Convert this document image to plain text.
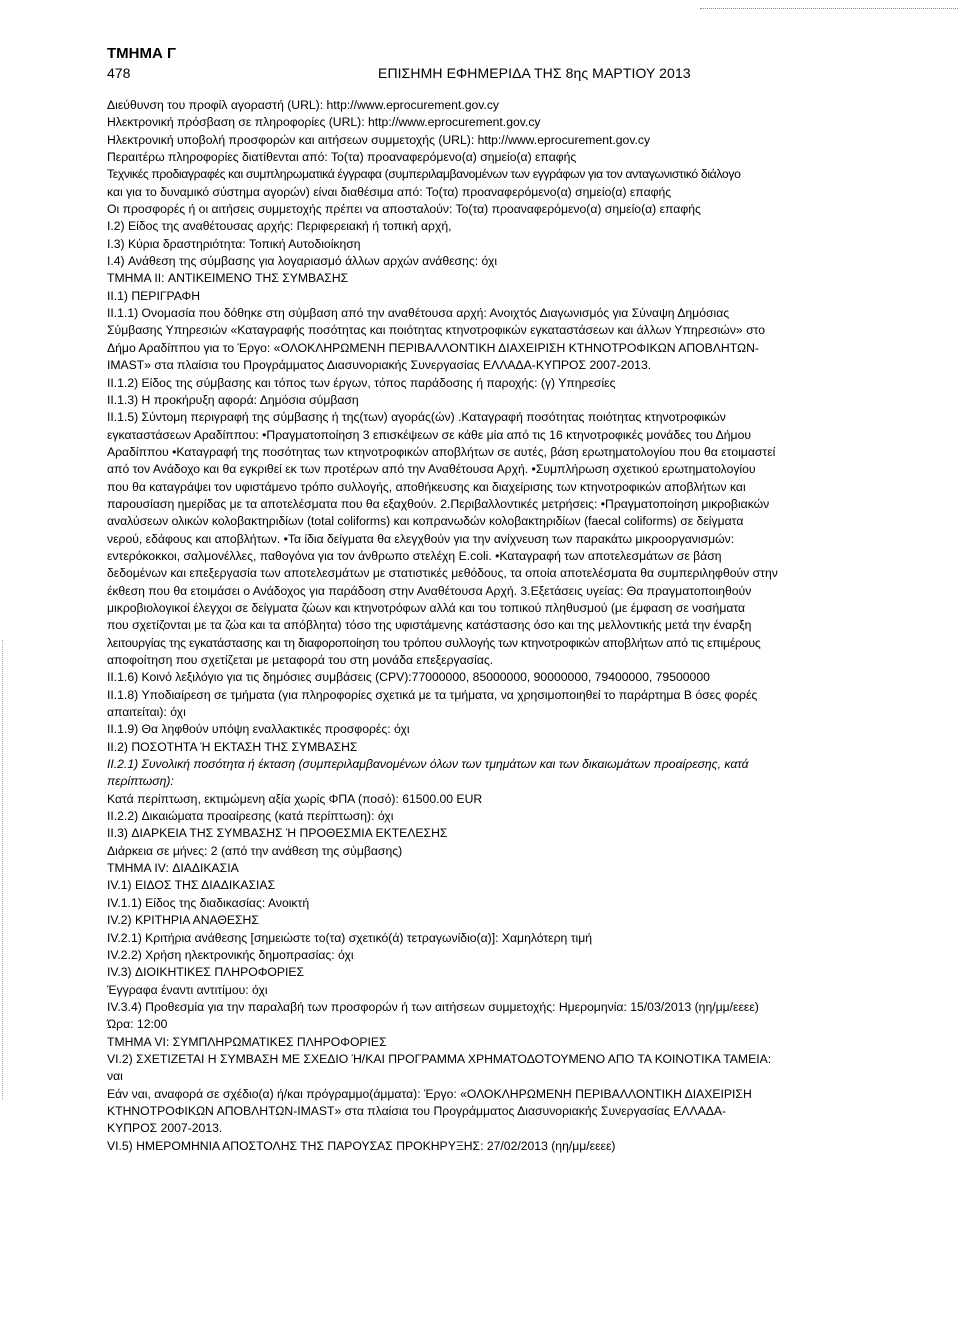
ΤΜΗΜΑ Γ
478	ΕΠΙΣΗΜΗ ΕΦΗΜΕΡΙΔΑ ΤΗΣ 8ης ΜΑΡΤΙΟΥ 2013

Διεύθυνση του προφίλ αγοραστή (URL): http://www.eprocurement.gov.cy

Ηλεκτρονική πρόσβαση σε πληροφορίες (URL): http://www.eprocurement.gov.cy

Ηλεκτρονική υποβολή προσφορών και αιτήσεων συμμετοχής (URL): http://www.eprocurement.gov.cy

Περαιτέρω πληροφορίες διατίθενται από: Το(τα) προαναφερόμενο(α) σημείο(α) επαφής

Τεχνικές προδιαγραφές και συμπληρωματικά έγγραφα (συμπεριλαμβανομένων των εγγράφων για τον ανταγωνιστικό διάλογο

και για το δυναμικό σύστημα αγορών) είναι διαθέσιμα από: Το(τα) προαναφερόμενο(α) σημείο(α) επαφής

Οι προσφορές ή οι αιτήσεις συμμετοχής πρέπει να αποσταλούν: Το(τα) προαναφερόμενο(α) σημείο(α) επαφής

I.2) Είδος της αναθέτουσας αρχής: Περιφερειακή ή τοπική αρχή,

I.3) Κύρια δραστηριότητα: Τοπική Αυτοδιοίκηση

I.4) Ανάθεση της σύμβασης για λογαριασμό άλλων αρχών ανάθεσης: όχι

ΤΜΗΜΑ II: ΑΝΤΙΚΕΙΜΕΝΟ ΤΗΣ ΣΥΜΒΑΣΗΣ

II.1) ΠΕΡΙΓΡΑΦΗ

II.1.1) Ονομασία που δόθηκε στη σύμβαση από την αναθέτουσα αρχή: Ανοιχτός Διαγωνισμός για Σύναψη Δημόσιας

Σύμβασης Υπηρεσιών «Καταγραφής ποσότητας και ποιότητας κτηνοτροφικών εγκαταστάσεων και άλλων Υπηρεσιών» στο

Δήμο Αραδίππου για το Έργο: «ΟΛΟΚΛΗΡΩΜΕΝΗ ΠΕΡΙΒΑΛΛΟΝΤΙΚΗ ΔΙΑΧΕΙΡΙΣΗ ΚΤΗΝΟΤΡΟΦΙΚΩΝ ΑΠΟΒΛΗΤΩΝ-

IMAST» στα πλαίσια του Προγράμματος Διασυνοριακής Συνεργασίας ΕΛΛΑΔΑ-ΚΥΠΡΟΣ 2007-2013.

II.1.2) Είδος της σύμβασης και τόπος των έργων, τόπος παράδοσης ή παροχής: (γ) Υπηρεσίες

II.1.3) Η προκήρυξη αφορά: Δημόσια σύμβαση

II.1.5) Σύντομη περιγραφή της σύμβασης ή της(των) αγοράς(ών) .Καταγραφή ποσότητας ποιότητας κτηνοτροφικών

εγκαταστάσεων Αραδίππου: •Πραγματοποίηση 3 επισκέψεων σε κάθε μία από τις 16 κτηνοτροφικές μονάδες του Δήμου

Αραδίππου •Καταγραφή της ποσότητας των κτηνοτροφικών αποβλήτων σε αυτές, βάση ερωτηματολογίου που θα ετοιμαστεί

από τον Ανάδοχο και θα εγκριθεί εκ των προτέρων από την Αναθέτουσα Αρχή. •Συμπλήρωση σχετικού ερωτηματολογίου

που θα καταγράψει τον υφιστάμενο τρόπο συλλογής, αποθήκευσης και διαχείρισης των κτηνοτροφικών αποβλήτων και

παρουσίαση ημερίδας με τα αποτελέσματα που θα εξαχθούν. 2.Περιβαλλοντικές μετρήσεις: •Πραγματοποίηση μικροβιακών

αναλύσεων ολικών κολοβακτηριδίων (total coliforms) και κοπρανωδών κολοβακτηριδίων (faecal coliforms) σε δείγματα

νερού, εδάφους και αποβλήτων. •Τα ίδια δείγματα θα ελεγχθούν για την ανίχνευση των παρακάτω μικροοργανισμών:

εντερόκοκκοι, σαλμονέλλες, παθογόνα για τον άνθρωπο στελέχη E.coli. •Καταγραφή των αποτελεσμάτων σε βάση

δεδομένων και επεξεργασία των αποτελεσμάτων με στατιστικές μεθόδους, τα οποία αποτελέσματα θα συμπεριληφθούν στην

έκθεση που θα ετοιμάσει ο Ανάδοχος για παράδοση στην Αναθέτουσα Αρχή. 3.Εξετάσεις υγείας: Θα πραγματοποιηθούν

μικροβιολογικοί έλεγχοι σε δείγματα ζώων και κτηνοτρόφων αλλά και του τοπικού πληθυσμού (με έμφαση σε νοσήματα

που σχετίζονται με τα ζώα και τα απόβλητα) τόσο της υφιστάμενης κατάστασης όσο και της μελλοντικής μετά την έναρξη

λειτουργίας της εγκατάστασης και τη διαφοροποίηση του τρόπου συλλογής των κτηνοτροφικών αποβλήτων από τις επιμέρους

αποφοίτηση που σχετίζεται με μεταφορά του στη μονάδα επεξεργασίας.

II.1.6) Κοινό λεξιλόγιο για τις δημόσιες συμβάσεις (CPV):77000000, 85000000, 90000000, 79400000, 79500000

II.1.8) Υποδιαίρεση σε τμήματα (για πληροφορίες σχετικά με τα τμήματα, να χρησιμοποιηθεί το παράρτημα Β όσες φορές

απαιτείται): όχι

II.1.9) Θα ληφθούν υπόψη εναλλακτικές προσφορές: όχι

II.2) ΠΟΣΟΤΗΤΑ Ή ΕΚΤΑΣΗ ΤΗΣ ΣΥΜΒΑΣΗΣ

II.2.1) Συνολική ποσότητα ή έκταση (συμπεριλαμβανομένων όλων των τμημάτων και των δικαιωμάτων προαίρεσης, κατά

περίπτωση):

Κατά περίπτωση, εκτιμώμενη αξία χωρίς ΦΠΑ (ποσό): 61500.00 EUR

II.2.2) Δικαιώματα προαίρεσης (κατά περίπτωση): όχι

II.3) ΔΙΑΡΚΕΙΑ ΤΗΣ ΣΥΜΒΑΣΗΣ Ή ΠΡΟΘΕΣΜΙΑ ΕΚΤΕΛΕΣΗΣ

Διάρκεια σε μήνες: 2 (από την ανάθεση της σύμβασης)

ΤΜΗΜΑ IV: ΔΙΑΔΙΚΑΣΙΑ

IV.1) ΕΙΔΟΣ ΤΗΣ ΔΙΑΔΙΚΑΣΙΑΣ

IV.1.1) Είδος της διαδικασίας: Ανοικτή

IV.2) ΚΡΙΤΗΡΙΑ ΑΝΑΘΕΣΗΣ

IV.2.1) Κριτήρια ανάθεσης [σημειώστε το(τα) σχετικό(ά) τετραγωνίδιο(α)]: Χαμηλότερη τιμή

IV.2.2) Χρήση ηλεκτρονικής δημοπρασίας: όχι

IV.3) ΔΙΟΙΚΗΤΙΚΕΣ ΠΛΗΡΟΦΟΡΙΕΣ

Έγγραφα έναντι αντιτίμου: όχι

IV.3.4) Προθεσμία για την παραλαβή των προσφορών ή των αιτήσεων συμμετοχής: Ημερομηνία: 15/03/2013 (ηη/μμ/εεεε)

Ώρα: 12:00

ΤΜΗΜΑ VI: ΣΥΜΠΛΗΡΩΜΑΤΙΚΕΣ ΠΛΗΡΟΦΟΡΙΕΣ

VI.2) ΣΧΕΤΙΖΕΤΑΙ Η ΣΥΜΒΑΣΗ ΜΕ ΣΧΕΔΙΟ Ή/ΚΑΙ ΠΡΟΓΡΑΜΜΑ ΧΡΗΜΑΤΟΔΟΤΟΥΜΕΝΟ ΑΠΟ ΤΑ ΚΟΙΝΟΤΙΚΑ ΤΑΜΕΙΑ:

ναι

Εάν ναι, αναφορά σε σχέδιο(α) ή/και πρόγραμμο(άμματα): Έργο: «ΟΛΟΚΛΗΡΩΜΕΝΗ ΠΕΡΙΒΑΛΛΟΝΤΙΚΗ ΔΙΑΧΕΙΡΙΣΗ

ΚΤΗΝΟΤΡΟΦΙΚΩΝ ΑΠΟΒΛΗΤΩΝ-IMAST» στα πλαίσια του Προγράμματος Διασυνοριακής Συνεργασίας ΕΛΛΑΔΑ-

ΚΥΠΡΟΣ 2007-2013.

VI.5) ΗΜΕΡΟΜΗΝΙΑ ΑΠΟΣΤΟΛΗΣ ΤΗΣ ΠΑΡΟΥΣΑΣ ΠΡΟΚΗΡΥΞΗΣ: 27/02/2013 (ηη/μμ/εεεε)
